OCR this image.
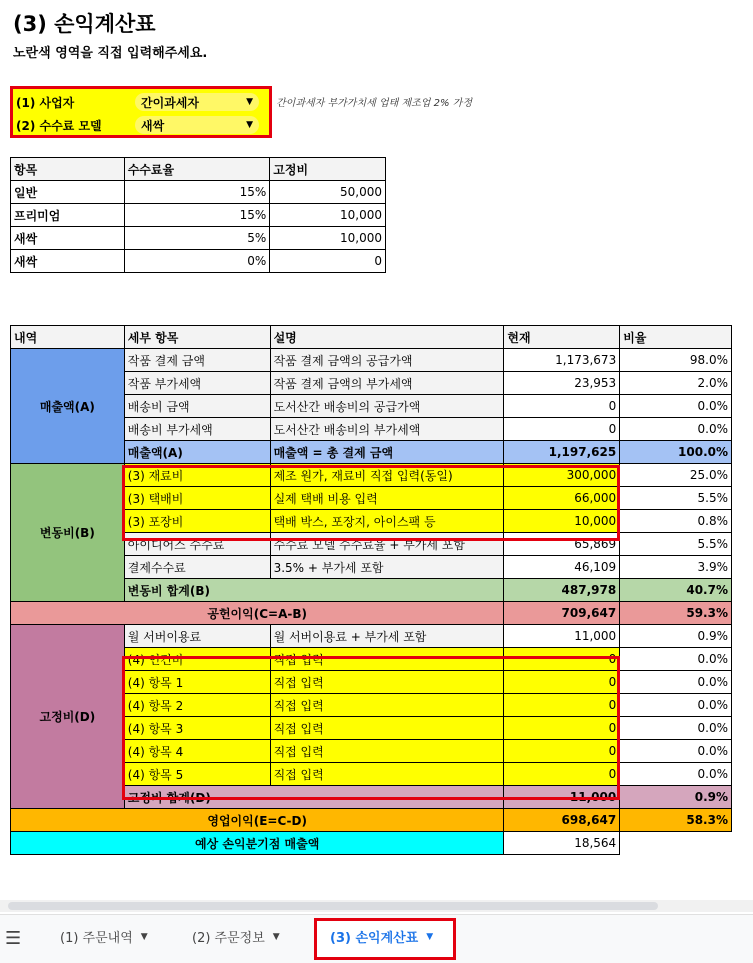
(3) 손익계산표
노란색 영역을 직접 입력해주세요.
(1) 사업자	간이과세자	▼
(2) 수수료 모델	새싹	▼
간이과세자 부가가치세 업태 제조업 2% 가정
항목	수수료율	고정비
일반	15%	50,000
프리미엄	15%	10,000
새싹	5%	10,000
새싹	0%	0
내역	세부 항목	설명	현재	비율
매출액(A)	작품 결제 금액	작품 결제 금액의 공급가액	1,173,673	98.0%
	작품 부가세액	작품 결제 금액의 부가세액	23,953	2.0%
	배송비 금액	도서산간 배송비의 공급가액	0	0.0%
	배송비 부가세액	도서산간 배송비의 부가세액	0	0.0%
	매출액(A)	매출액 = 총 결제 금액	1,197,625	100.0%
변동비(B)	(3) 재료비	제조 원가, 재료비 직접 입력(동일)	300,000	25.0%
	(3) 택배비	실제 택배 비용 입력	66,000	5.5%
	(3) 포장비	택배 박스, 포장지, 아이스팩 등	10,000	0.8%
	아이디어스 수수료	수수료 모델 수수료율 + 부가세 포함	65,869	5.5%
	결제수수료	3.5% + 부가세 포함	46,109	3.9%
	변동비 합계(B)		487,978	40.7%
공헌이익(C=A-B)			709,647	59.3%
고정비(D)	월 서버이용료	월 서버이용료 + 부가세 포함	11,000	0.9%
	(4) 인건비	직접 입력	0	0.0%
	(4) 항목 1	직접 입력	0	0.0%
	(4) 항목 2	직접 입력	0	0.0%
	(4) 항목 3	직접 입력	0	0.0%
	(4) 항목 4	직접 입력	0	0.0%
	(4) 항목 5	직접 입력	0	0.0%
	고정비 합계(D)		11,000	0.9%
영업이익(E=C-D)			698,647	58.3%
예상 손익분기점 매출액			18,564	
☰	(1) 주문내역 ▼	(2) 주문정보 ▼	(3) 손익계산표 ▼
